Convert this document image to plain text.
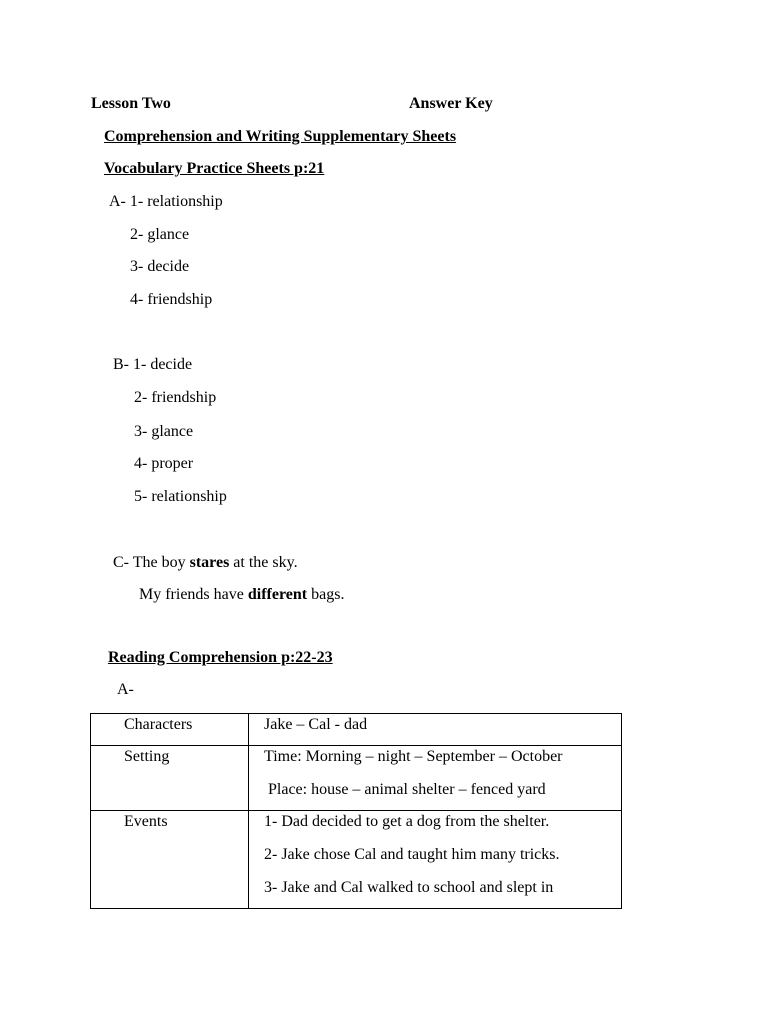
Lesson Two	Answer Key
Comprehension and Writing Supplementary Sheets
Vocabulary Practice Sheets p:21
A- 1- relationship
2- glance
3- decide
4- friendship
B- 1- decide
2- friendship
3- glance
4- proper
5- relationship
C- The boy stares at the sky.
My friends have different bags.
Reading Comprehension p:22-23
A-
Characters	Jake – Cal - dad

Setting	Time: Morning – night – September – October
Place: house – animal shelter – fenced yard

Events	1- Dad decided to get a dog from the shelter.
2- Jake chose Cal and taught him many tricks.
3- Jake and Cal walked to school and slept in
